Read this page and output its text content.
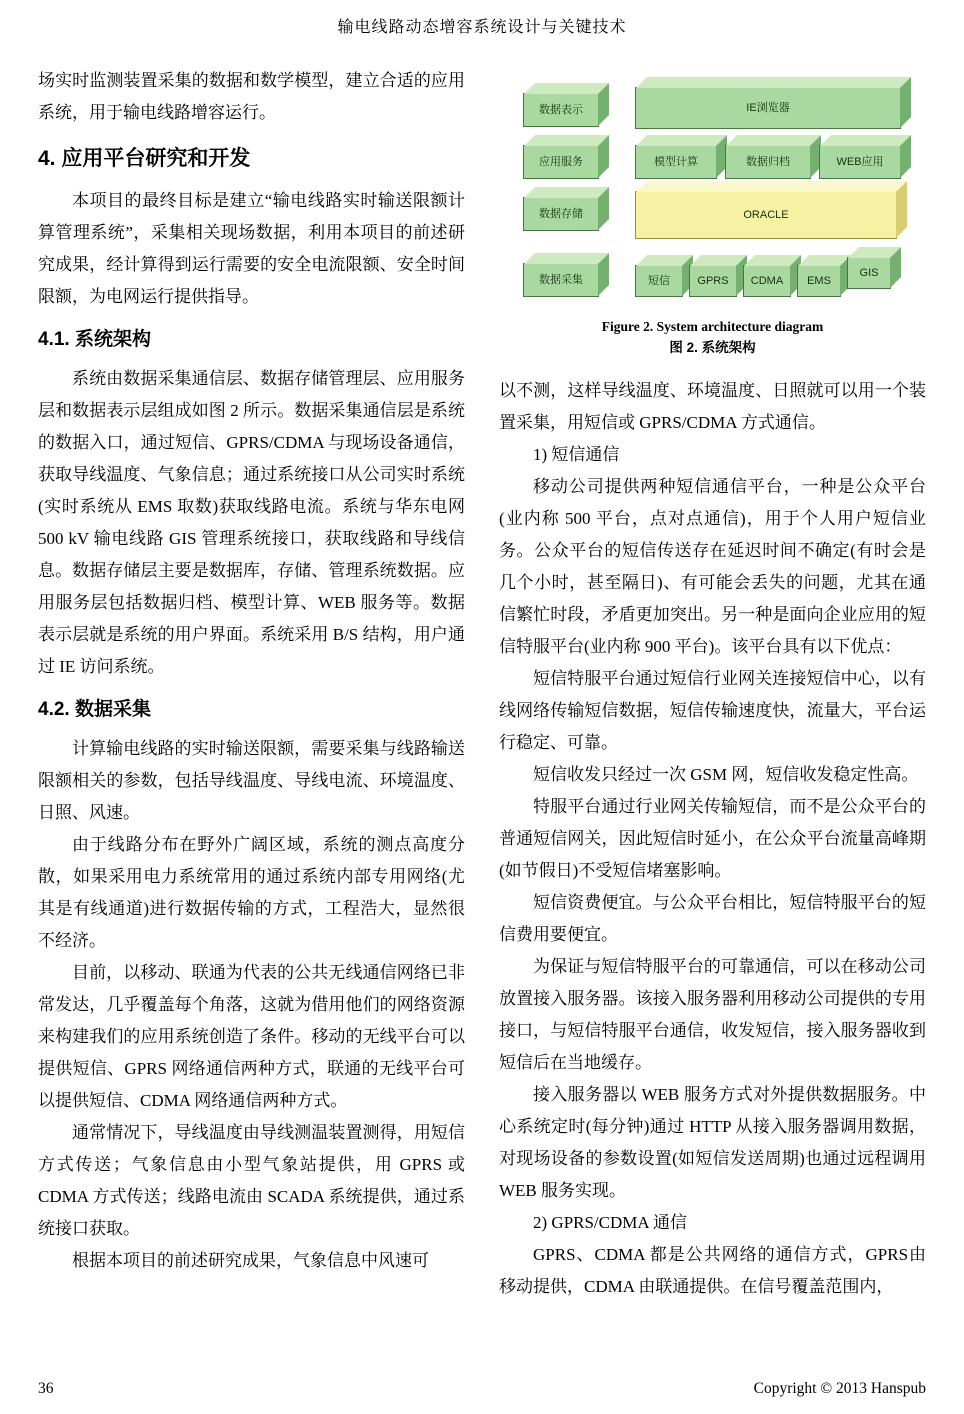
输电线路动态增容系统设计与关键技术

场实时监测装置采集的数据和数学模型，建立合适的应用系统，用于输电线路增容运行。

4. 应用平台研究和开发

本项目的最终目标是建立“输电线路实时输送限额计算管理系统”，采集相关现场数据，利用本项目的前述研究成果，经计算得到运行需要的安全电流限额、安全时间限额，为电网运行提供指导。

4.1. 系统架构

系统由数据采集通信层、数据存储管理层、应用服务层和数据表示层组成如图 2 所示。数据采集通信层是系统的数据入口，通过短信、GPRS/CDMA 与现场设备通信，获取导线温度、气象信息；通过系统接口从公司实时系统(实时系统从 EMS 取数)获取线路电流。系统与华东电网 500 kV 输电线路 GIS 管理系统接口，获取线路和导线信息。数据存储层主要是数据库，存储、管理系统数据。应用服务层包括数据归档、模型计算、WEB 服务等。数据表示层就是系统的用户界面。系统采用 B/S 结构，用户通过 IE 访问系统。

4.2. 数据采集

计算输电线路的实时输送限额，需要采集与线路输送限额相关的参数，包括导线温度、导线电流、环境温度、日照、风速。

由于线路分布在野外广阔区域，系统的测点高度分散，如果采用电力系统常用的通过系统内部专用网络(尤其是有线通道)进行数据传输的方式，工程浩大，显然很不经济。

目前，以移动、联通为代表的公共无线通信网络已非常发达，几乎覆盖每个角落，这就为借用他们的网络资源来构建我们的应用系统创造了条件。移动的无线平台可以提供短信、GPRS 网络通信两种方式，联通的无线平台可以提供短信、CDMA 网络通信两种方式。

通常情况下，导线温度由导线测温装置测得，用短信方式传送；气象信息由小型气象站提供，用 GPRS 或 CDMA 方式传送；线路电流由 SCADA 系统提供，通过系统接口获取。

根据本项目的前述研究成果，气象信息中风速可

数据表示
应用服务
数据存储
数据采集
IE浏览器
模型计算	数据归档	WEB应用
ORACLE
短信 GPRS CDMA EMS
GIS
Figure 2. System architecture diagram
图 2. 系统架构

以不测，这样导线温度、环境温度、日照就可以用一个装置采集，用短信或 GPRS/CDMA 方式通信。

1) 短信通信

移动公司提供两种短信通信平台，一种是公众平台(业内称 500 平台，点对点通信)，用于个人用户短信业务。公众平台的短信传送存在延迟时间不确定(有时会是几个小时，甚至隔日)、有可能会丢失的问题，尤其在通信繁忙时段，矛盾更加突出。另一种是面向企业应用的短信特服平台(业内称 900 平台)。该平台具有以下优点：

短信特服平台通过短信行业网关连接短信中心，以有线网络传输短信数据，短信传输速度快，流量大，平台运行稳定、可靠。

短信收发只经过一次 GSM 网，短信收发稳定性高。

特服平台通过行业网关传输短信，而不是公众平台的普通短信网关，因此短信时延小，在公众平台流量高峰期(如节假日)不受短信堵塞影响。

短信资费便宜。与公众平台相比，短信特服平台的短信费用要便宜。

为保证与短信特服平台的可靠通信，可以在移动公司放置接入服务器。该接入服务器利用移动公司提供的专用接口，与短信特服平台通信，收发短信，接入服务器收到短信后在当地缓存。

接入服务器以 WEB 服务方式对外提供数据服务。中心系统定时(每分钟)通过 HTTP 从接入服务器调用数据，对现场设备的参数设置(如短信发送周期)也通过远程调用 WEB 服务实现。

2) GPRS/CDMA 通信

GPRS、CDMA 都是公共网络的通信方式，GPRS由移动提供，CDMA 由联通提供。在信号覆盖范围内，

36	Copyright © 2013 Hanspub
